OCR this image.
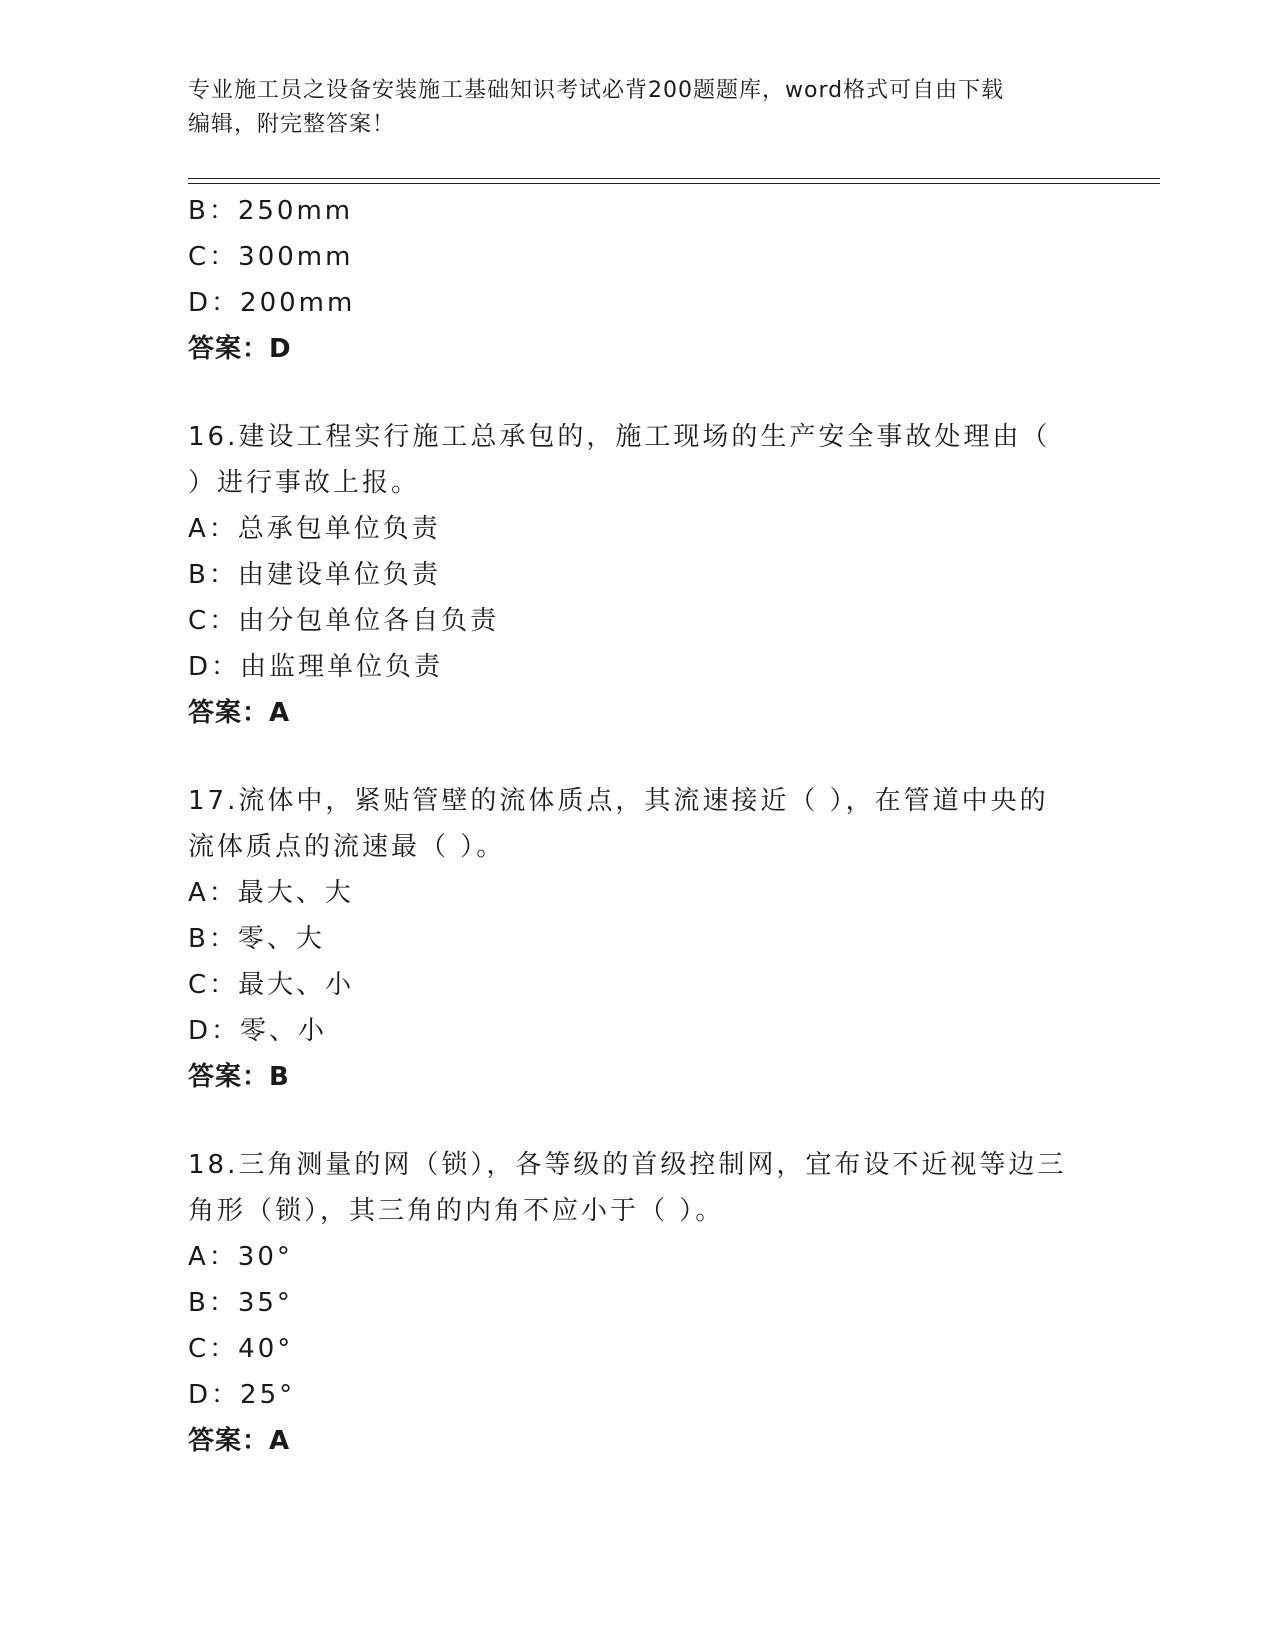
专业施工员之设备安装施工基础知识考试必背200题题库，word格式可自由下载
编辑，附完整答案！
B：250mm
C：300mm
D：200mm
答案：D
16.建设工程实行施工总承包的，施工现场的生产安全事故处理由（
）进行事故上报。
A：总承包单位负责
B：由建设单位负责
C：由分包单位各自负责
D：由监理单位负责
答案：A
17.流体中，紧贴管壁的流体质点，其流速接近（ ），在管道中央的
流体质点的流速最（ ）。
A：最大、大
B：零、大
C：最大、小
D：零、小
答案：B
18.三角测量的网（锁），各等级的首级控制网，宜布设不近视等边三
角形（锁），其三角的内角不应小于（ ）。
A：30°
B：35°
C：40°
D：25°
答案：A
